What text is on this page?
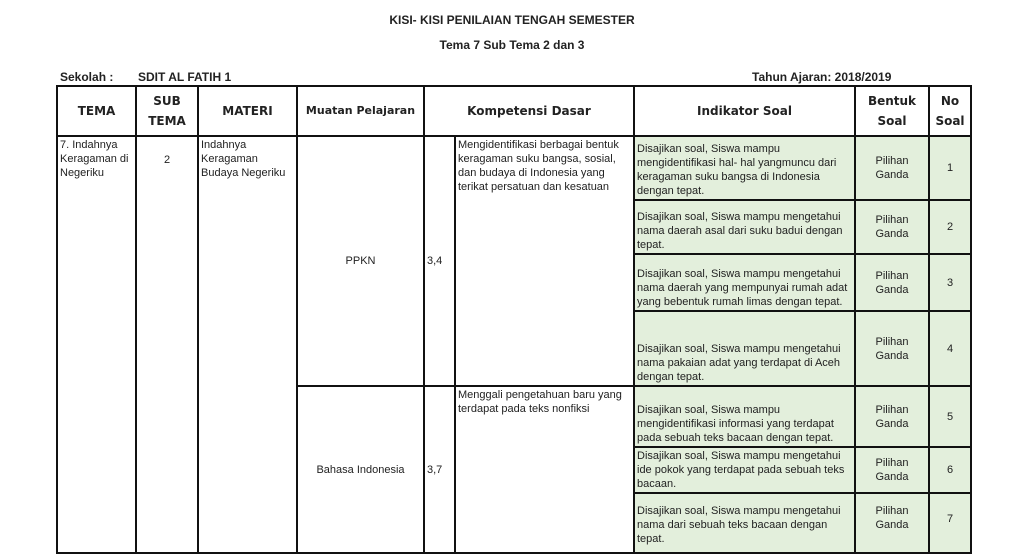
KISI- KISI PENILAIAN TENGAH SEMESTER
Tema 7 Sub Tema 2 dan 3
Sekolah : SDIT AL FATIH 1	Tahun Ajaran: 2018/2019
TEMA	SUB TEMA	MATERI	Muatan Pelajaran	Kompetensi Dasar		Indikator Soal	Bentuk Soal	No Soal
7. Indahnya Keragaman di Negeriku	2	Indahnya Keragaman Budaya Negeriku	PPKN	3,4	Mengidentifikasi berbagai bentuk keragaman suku bangsa, sosial, dan budaya di Indonesia yang terikat persatuan dan kesatuan	Disajikan soal, Siswa mampu mengidentifikasi hal- hal yangmuncu dari keragaman suku bangsa di Indonesia dengan tepat.	Pilihan Ganda	1
						Disajikan soal, Siswa mampu mengetahui nama daerah asal dari suku badui dengan tepat.	Pilihan Ganda	2
						Disajikan soal, Siswa mampu mengetahui nama daerah yang mempunyai rumah adat yang bebentuk rumah limas dengan tepat.	Pilihan Ganda	3
						Disajikan soal, Siswa mampu mengetahui nama pakaian adat yang terdapat di Aceh dengan tepat.	Pilihan Ganda	4
			Bahasa Indonesia	3,7	Menggali pengetahuan baru yang terdapat pada teks nonfiksi	Disajikan soal, Siswa mampu mengidentifikasi informasi yang terdapat pada sebuah teks bacaan dengan tepat.	Pilihan Ganda	5
						Disajikan soal, Siswa mampu mengetahui ide pokok yang terdapat pada sebuah teks bacaan.	Pilihan Ganda	6
						Disajikan soal, Siswa mampu mengetahui nama dari sebuah teks bacaan dengan tepat.	Pilihan Ganda	7
